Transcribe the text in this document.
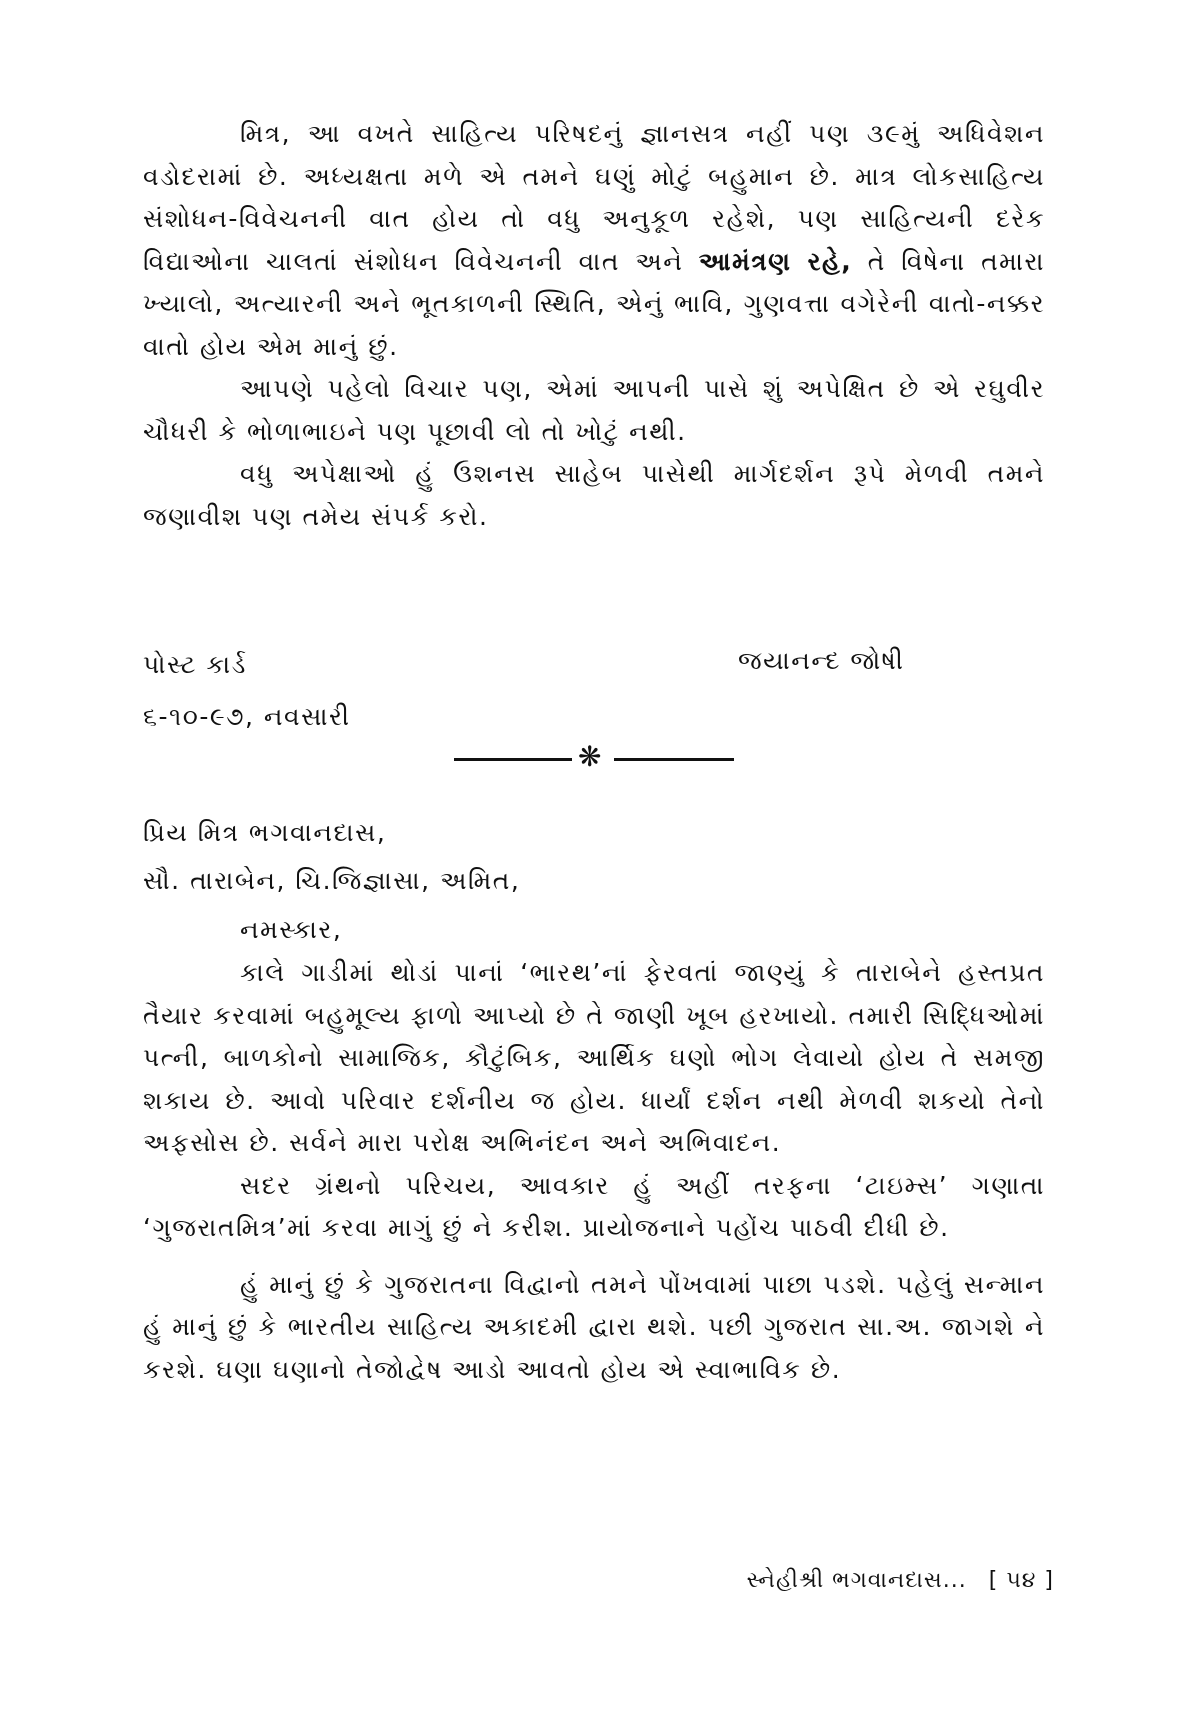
મિત્ર, આ વખતે સાહિત્ય પરિષદનું જ્ઞાનસત્ર નહીં પણ ૩૯મું અધિવેશન વડોદરામાં છે. અધ્યક્ષતા મળે એ તમને ઘણું મોટું બહુમાન છે. માત્ર લોકસાહિત્ય સંશોધન-વિવેચનની વાત હોય તો વધુ અનુકૂળ રહેશે, પણ સાહિત્યની દરેક વિદ્યાઓના ચાલતાં સંશોધન વિવેચનની વાત અને આમંત્રણ રહે, તે વિષેના તમારા ખ્યાલો, અત્યારની અને ભૂતકાળની સ્થિતિ, એનું ભાવિ, ગુણવત્તા વગેરેની વાતો-નક્કર વાતો હોય એમ માનું છું.

આપણે પહેલો વિચાર પણ, એમાં આપની પાસે શું અપેક્ષિત છે એ રઘુવીર ચૌધરી કે ભોળાભાઇને પણ પૂછાવી લો તો ખોટું નથી.

વધુ અપેક્ષાઓ હું ઉશનસ સાહેબ પાસેથી માર્ગદર્શન રૂપે મેળવી તમને જણાવીશ પણ તમેય સંપર્ક કરો.

પોસ્ટ કાર્ડ	જયાનન્દ જોષી
૬-૧૦-૯૭, નવસારી
❋
પ્રિય મિત્ર ભગવાનદાસ,
સૌ. તારાબેન, ચિ.જિજ્ઞાસા, અમિત,
નમસ્કાર,

કાલે ગાડીમાં થોડાં પાનાં ‘ભારથ’નાં ફેરવતાં જાણ્યું કે તારાબેને હસ્તપ્રત તૈયાર કરવામાં બહુમૂલ્ય ફાળો આપ્યો છે તે જાણી ખૂબ હરખાયો. તમારી સિદ્ધિઓમાં પત્ની, બાળકોનો સામાજિક, કૌટુંબિક, આર્થિક ઘણો ભોગ લેવાયો હોય તે સમજી શકાય છે. આવો પરિવાર દર્શનીય જ હોય. ધાર્યાં દર્શન નથી મેળવી શકયો તેનો અફસોસ છે. સર્વને મારા પરોક્ષ અભિનંદન અને અભિવાદન.

સદર ગ્રંથનો પરિચય, આવકાર હું અહીં તરફના ‘ટાઇમ્સ’ ગણાતા ‘ગુજરાતમિત્ર’માં કરવા માગું છું ને કરીશ. પ્રાયોજનાને પહોંચ પાઠવી દીધી છે.

હું માનું છું કે ગુજરાતના વિદ્વાનો તમને પોંખવામાં પાછા પડશે. પહેલું સન્માન હું માનું છું કે ભારતીય સાહિત્ય અકાદમી દ્વારા થશે. પછી ગુજરાત સા.અ. જાગશે ને કરશે. ઘણા ઘણાનો તેજોદ્વેષ આડો આવતો હોય એ સ્વાભાવિક છે.

સ્નેહીશ્રી ભગવાનદાસ... [ ૫૪ ]
